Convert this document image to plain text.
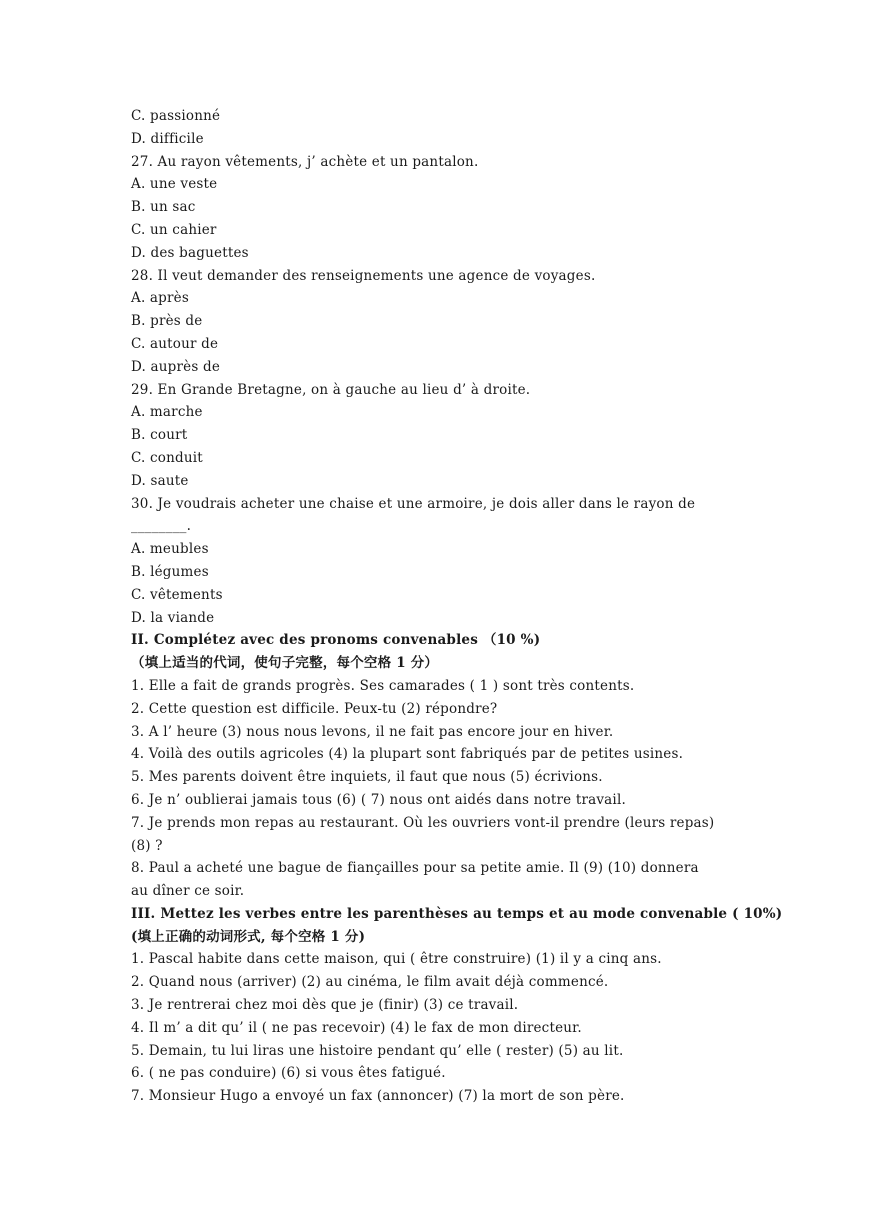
C. passionné
D. difficile
27. Au rayon vêtements, j’ achète et un pantalon.
A. une veste
B. un sac
C. un cahier
D. des baguettes
28. Il veut demander des renseignements une agence de voyages.
A. après
B. près de
C. autour de
D. auprès de
29. En Grande Bretagne, on à gauche au lieu d’ à droite.
A. marche
B. court
C. conduit
D. saute
30. Je voudrais acheter une chaise et une armoire, je dois aller dans le rayon de
________.
A. meubles
B. légumes
C. vêtements
D. la viande
II. Complétez avec des pronoms convenables （10 %)
（填上适当的代词，使句子完整，每个空格 1 分）
1. Elle a fait de grands progrès. Ses camarades ( 1 ) sont très contents.
2. Cette question est difficile. Peux-tu (2) répondre?
3. A l’ heure (3) nous nous levons, il ne fait pas encore jour en hiver.
4. Voilà des outils agricoles (4) la plupart sont fabriqués par de petites usines.
5. Mes parents doivent être inquiets, il faut que nous (5) écrivions.
6. Je n’ oublierai jamais tous (6) ( 7) nous ont aidés dans notre travail.
7. Je prends mon repas au restaurant. Où les ouvriers vont-il prendre (leurs repas)
(8) ?
8. Paul a acheté une bague de fiançailles pour sa petite amie. Il (9) (10) donnera
au dîner ce soir.
III. Mettez les verbes entre les parenthèses au temps et au mode convenable ( 10%)
(填上正确的动词形式, 每个空格 1 分)
1. Pascal habite dans cette maison, qui ( être construire) (1) il y a cinq ans.
2. Quand nous (arriver) (2) au cinéma, le film avait déjà commencé.
3. Je rentrerai chez moi dès que je (finir) (3) ce travail.
4. Il m’ a dit qu’ il ( ne pas recevoir) (4) le fax de mon directeur.
5. Demain, tu lui liras une histoire pendant qu’ elle ( rester) (5) au lit.
6. ( ne pas conduire) (6) si vous êtes fatigué.
7. Monsieur Hugo a envoyé un fax (annoncer) (7) la mort de son père.
